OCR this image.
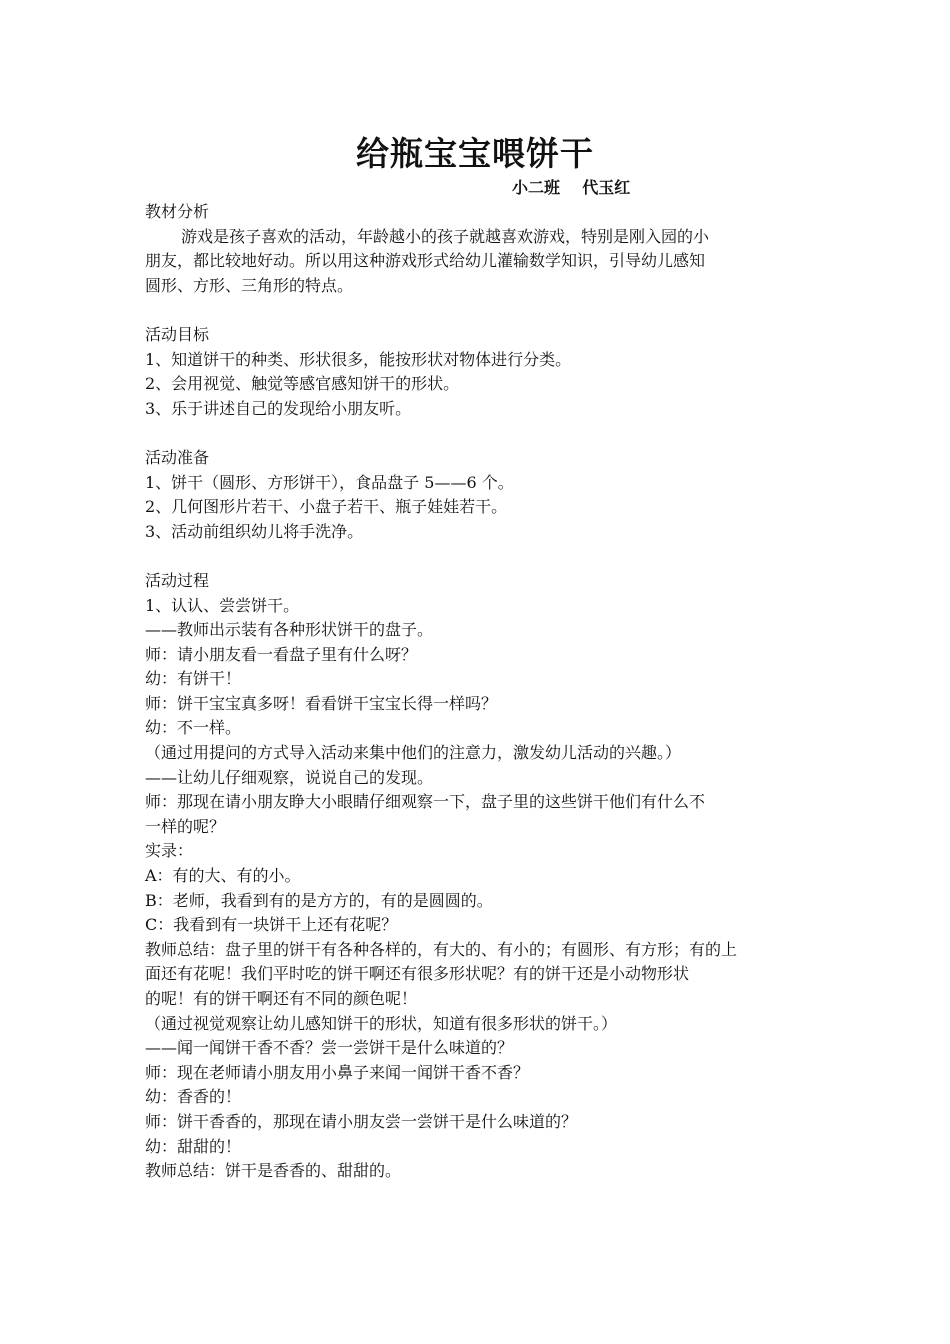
给瓶宝宝喂饼干
小二班    代玉红
教材分析
游戏是孩子喜欢的活动，年龄越小的孩子就越喜欢游戏，特别是刚入园的小
朋友，都比较地好动。所以用这种游戏形式给幼儿灌输数学知识，引导幼儿感知
圆形、方形、三角形的特点。
活动目标
1、知道饼干的种类、形状很多，能按形状对物体进行分类。
2、会用视觉、触觉等感官感知饼干的形状。
3、乐于讲述自己的发现给小朋友听。
活动准备
1、饼干（圆形、方形饼干），食品盘子 5——6 个。
2、几何图形片若干、小盘子若干、瓶子娃娃若干。
3、活动前组织幼儿将手洗净。
活动过程
1、认认、尝尝饼干。
——教师出示装有各种形状饼干的盘子。
师：请小朋友看一看盘子里有什么呀？
幼：有饼干！
师：饼干宝宝真多呀！看看饼干宝宝长得一样吗？
幼：不一样。
（通过用提问的方式导入活动来集中他们的注意力，激发幼儿活动的兴趣。）
——让幼儿仔细观察，说说自己的发现。
师：那现在请小朋友睁大小眼睛仔细观察一下，盘子里的这些饼干他们有什么不
一样的呢？
实录：
A：有的大、有的小。
B：老师，我看到有的是方方的，有的是圆圆的。
C：我看到有一块饼干上还有花呢？
教师总结：盘子里的饼干有各种各样的，有大的、有小的；有圆形、有方形；有的上
面还有花呢！我们平时吃的饼干啊还有很多形状呢？有的饼干还是小动物形状
的呢！有的饼干啊还有不同的颜色呢！
（通过视觉观察让幼儿感知饼干的形状，知道有很多形状的饼干。）
——闻一闻饼干香不香？尝一尝饼干是什么味道的？
师：现在老师请小朋友用小鼻子来闻一闻饼干香不香？
幼：香香的！
师：饼干香香的，那现在请小朋友尝一尝饼干是什么味道的？
幼：甜甜的！
教师总结：饼干是香香的、甜甜的。
